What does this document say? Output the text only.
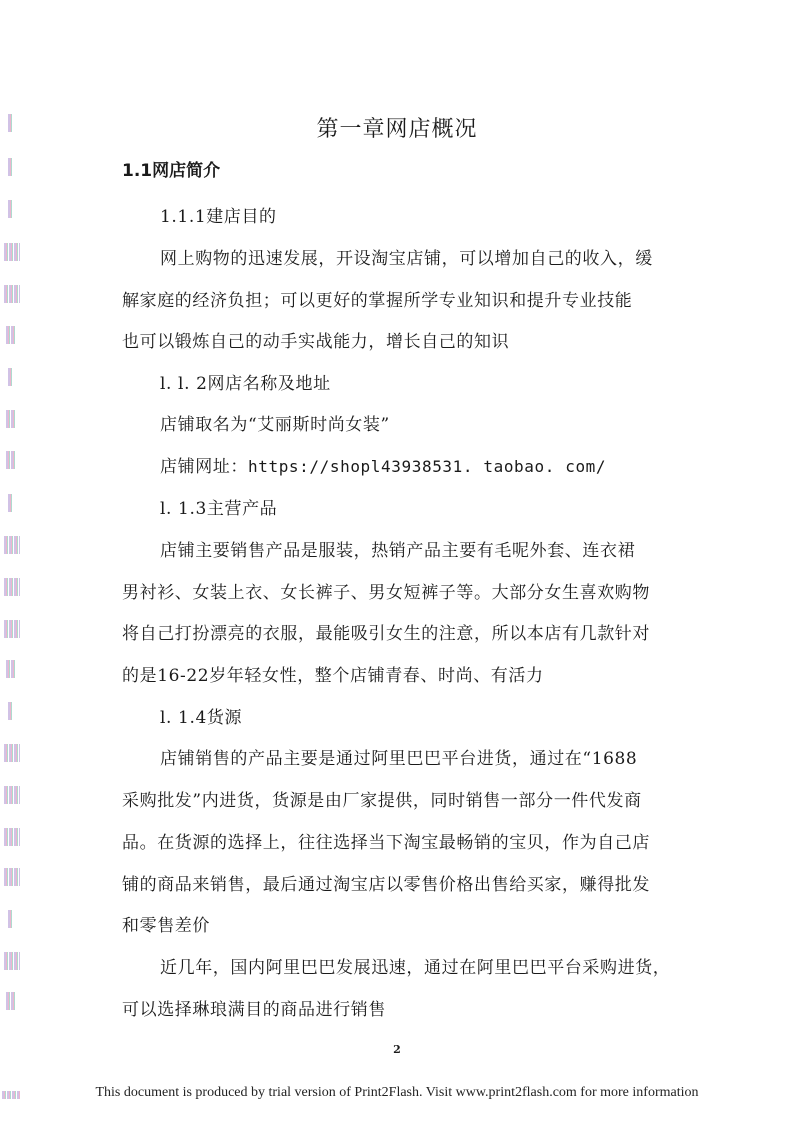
第一章网店概况
1.1网店简介
1.1.1建店目的
网上购物的迅速发展，开设淘宝店铺，可以增加自己的收入，缓
解家庭的经济负担；可以更好的掌握所学专业知识和提升专业技能
也可以锻炼自己的动手实战能力，增长自己的知识
l. l. 2网店名称及地址
店铺取名为“艾丽斯时尚女装”
店铺网址：https://shopl43938531. taobao. com/
l. 1.3主营产品
店铺主要销售产品是服装，热销产品主要有毛呢外套、连衣裙
男衬衫、女装上衣、女长裤子、男女短裤子等。大部分女生喜欢购物
将自己打扮漂亮的衣服，最能吸引女生的注意，所以本店有几款针对
的是16-22岁年轻女性，整个店铺青春、时尚、有活力
l. 1.4货源
店铺销售的产品主要是通过阿里巴巴平台进货，通过在“1688
采购批发”内进货，货源是由厂家提供，同时销售一部分一件代发商
品。在货源的选择上，往往选择当下淘宝最畅销的宝贝，作为自己店
铺的商品来销售，最后通过淘宝店以零售价格出售给买家，赚得批发
和零售差价
近几年，国内阿里巴巴发展迅速，通过在阿里巴巴平台采购进货，
可以选择琳琅满目的商品进行销售
2
This document is produced by trial version of Print2Flash. Visit www.print2flash.com for more information
